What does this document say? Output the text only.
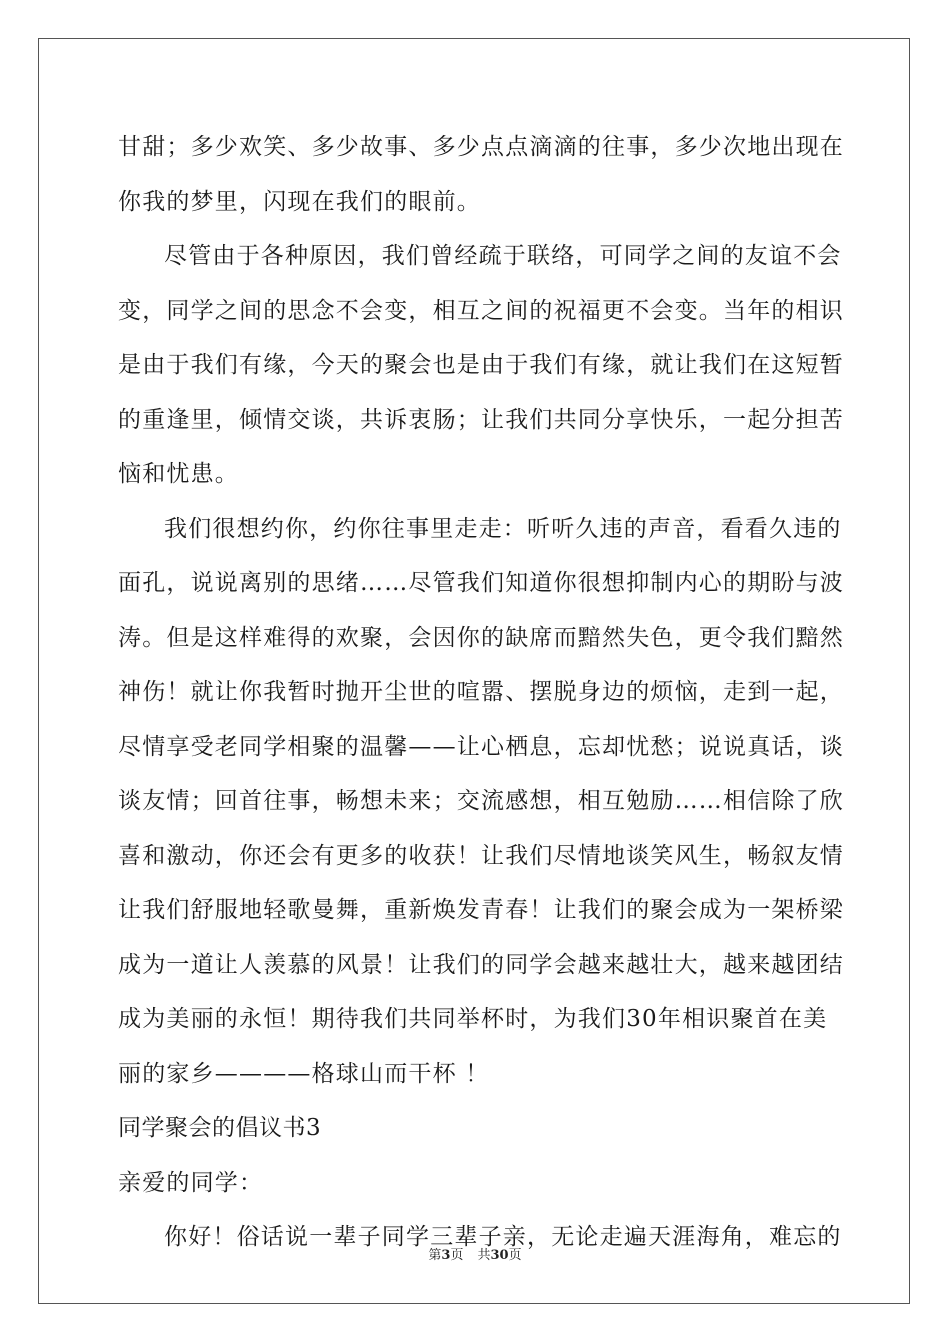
甘甜；多少欢笑、多少故事、多少点点滴滴的往事，多少次地出现在
你我的梦里，闪现在我们的眼前。
尽管由于各种原因，我们曾经疏于联络，可同学之间的友谊不会
变，同学之间的思念不会变，相互之间的祝福更不会变。当年的相识
是由于我们有缘，今天的聚会也是由于我们有缘，就让我们在这短暂
的重逢里，倾情交谈，共诉衷肠；让我们共同分享快乐，一起分担苦
恼和忧患。
我们很想约你，约你往事里走走：听听久违的声音，看看久违的
面孔，说说离别的思绪……尽管我们知道你很想抑制内心的期盼与波
涛。但是这样难得的欢聚，会因你的缺席而黯然失色，更令我们黯然
神伤！就让你我暂时抛开尘世的喧嚣、摆脱身边的烦恼，走到一起，
尽情享受老同学相聚的温馨——让心栖息，忘却忧愁；说说真话，谈
谈友情；回首往事，畅想未来；交流感想，相互勉励……相信除了欣
喜和激动，你还会有更多的收获！让我们尽情地谈笑风生，畅叙友情
让我们舒服地轻歌曼舞，重新焕发青春！让我们的聚会成为一架桥梁
成为一道让人羡慕的风景！让我们的同学会越来越壮大，越来越团结
成为美丽的永恒！期待我们共同举杯时，为我们30年相识聚首在美
丽的家乡————格球山而干杯 ！
同学聚会的倡议书3
亲爱的同学：
你好！俗话说一辈子同学三辈子亲，无论走遍天涯海角，难忘的
第3页 共30页
